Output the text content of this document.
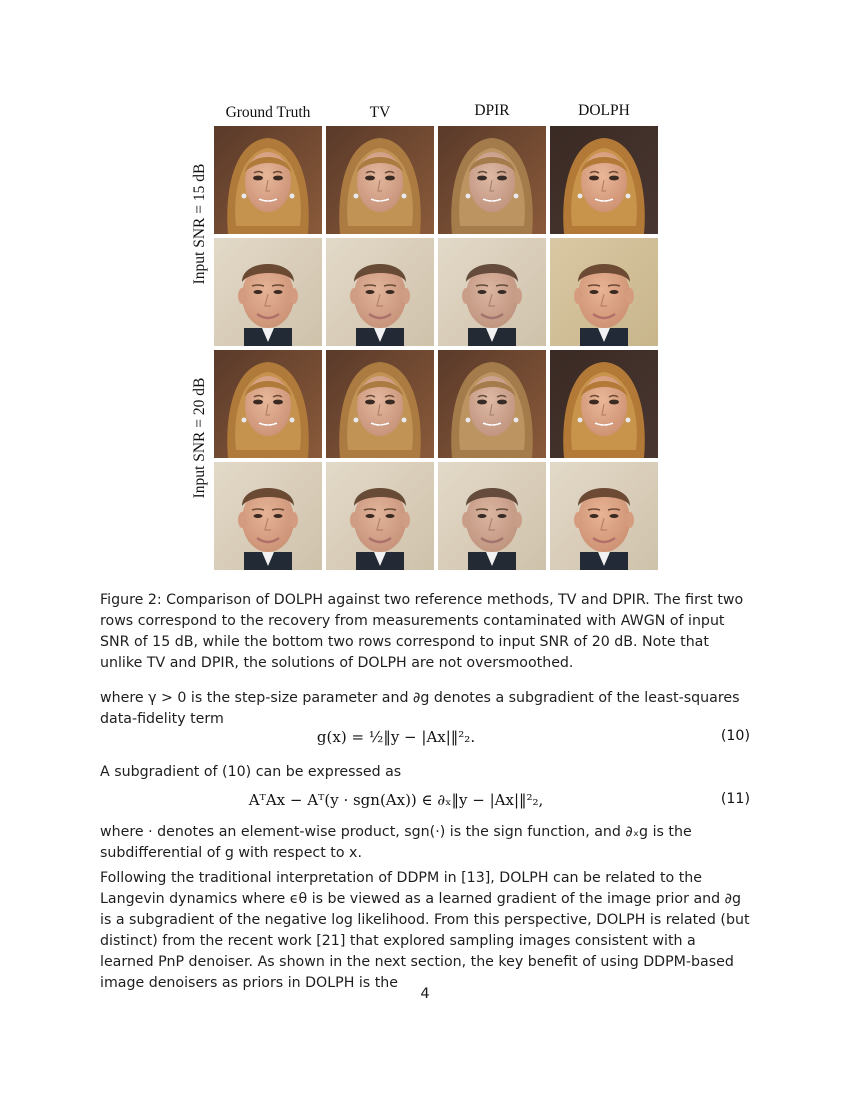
Ground Truth	TV	DPIR	DOLPH
Input SNR = 15 dB
Input SNR = 20 dB

Figure 2: Comparison of DOLPH against two reference methods, TV and DPIR. The first two rows correspond to the recovery from measurements contaminated with AWGN of input SNR of 15 dB, while the bottom two rows correspond to input SNR of 20 dB. Note that unlike TV and DPIR, the solutions of DOLPH are not oversmoothed.

where γ > 0 is the step-size parameter and ∂g denotes a subgradient of the least-squares data-fidelity term

g(x) = ½‖y − |Ax|‖²₂.	(10)

A subgradient of (10) can be expressed as

AᵀAx − Aᵀ(y · sgn(Ax)) ∈ ∂ₓ‖y − |Ax|‖²₂,	(11)

where · denotes an element-wise product, sgn(·) is the sign function, and ∂ₓg is the subdifferential of g with respect to x.

Following the traditional interpretation of DDPM in [13], DOLPH can be related to the Langevin dynamics where ϵθ is be viewed as a learned gradient of the image prior and ∂g is a subgradient of the negative log likelihood. From this perspective, DOLPH is related (but distinct) from the recent work [21] that explored sampling images consistent with a learned PnP denoiser. As shown in the next section, the key benefit of using DDPM-based image denoisers as priors in DOLPH is the

4
